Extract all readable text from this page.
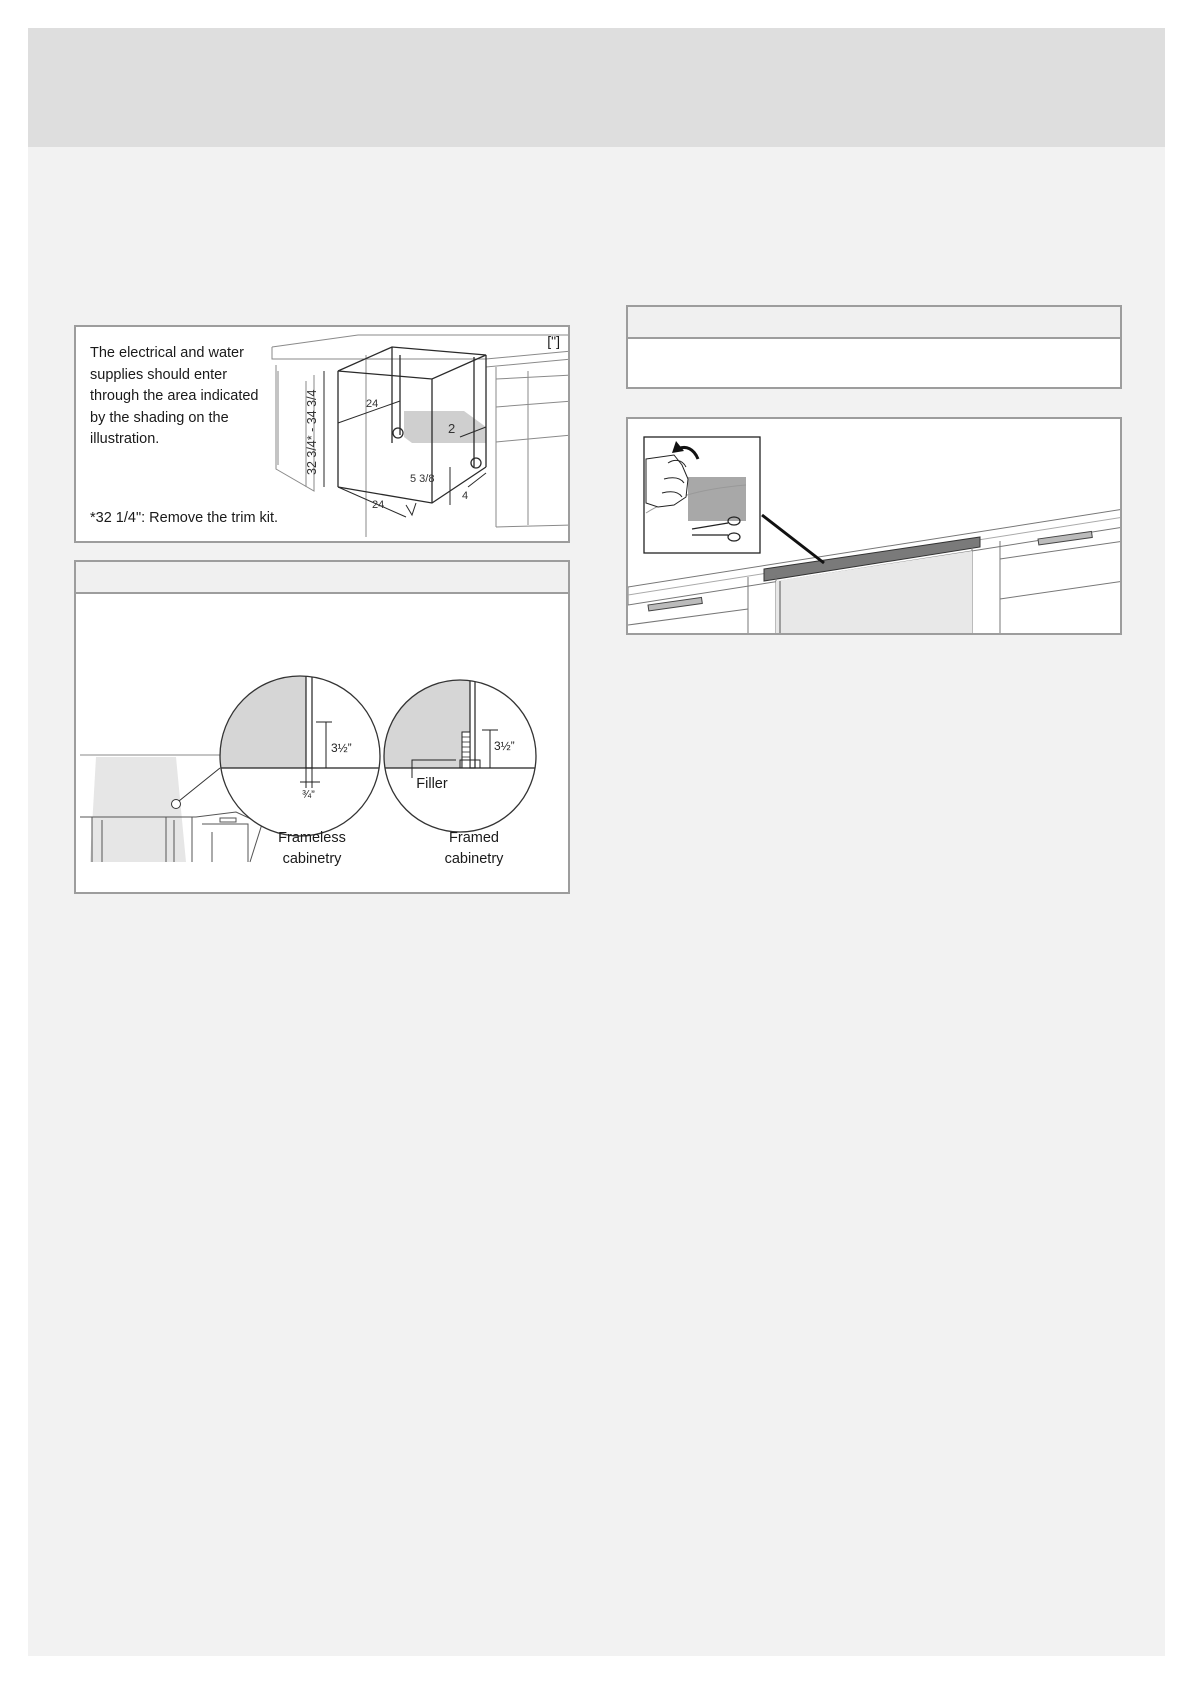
The electrical and water supplies should enter through the area indicated by the shading on the illustration.
*32 1/4": Remove the trim kit.
["]
24
24
2
5 3/8
4
32 3/4* - 34 3/4
3½”
¾”
3½”
Filler
Frameless
cabinetry
Framed
cabinetry
